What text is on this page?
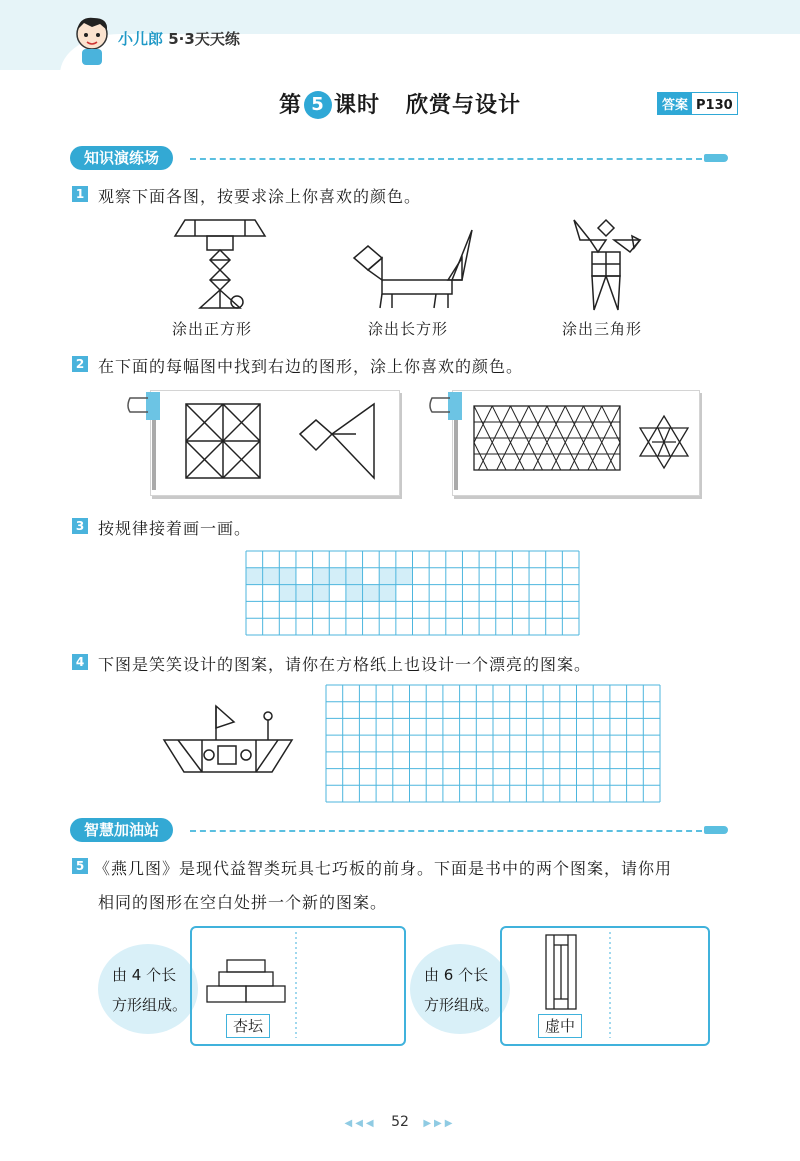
小儿郎 5·3天天练
第 5 课时 欣赏与设计	答案 P130
知识演练场
1 观察下面各图，按要求涂上你喜欢的颜色。
涂出正方形	涂出长方形	涂出三角形
2 在下面的每幅图中找到右边的图形，涂上你喜欢的颜色。
3 按规律接着画一画。
4 下图是笑笑设计的图案，请你在方格纸上也设计一个漂亮的图案。
智慧加油站
5 《燕几图》是现代益智类玩具七巧板的前身。下面是书中的两个图案，请你用
相同的图形在空白处拼一个新的图案。
由 4 个长
方形组成。
杏坛
由 6 个长
方形组成。
虚中
◀◀◀ 52 ▶▶▶
